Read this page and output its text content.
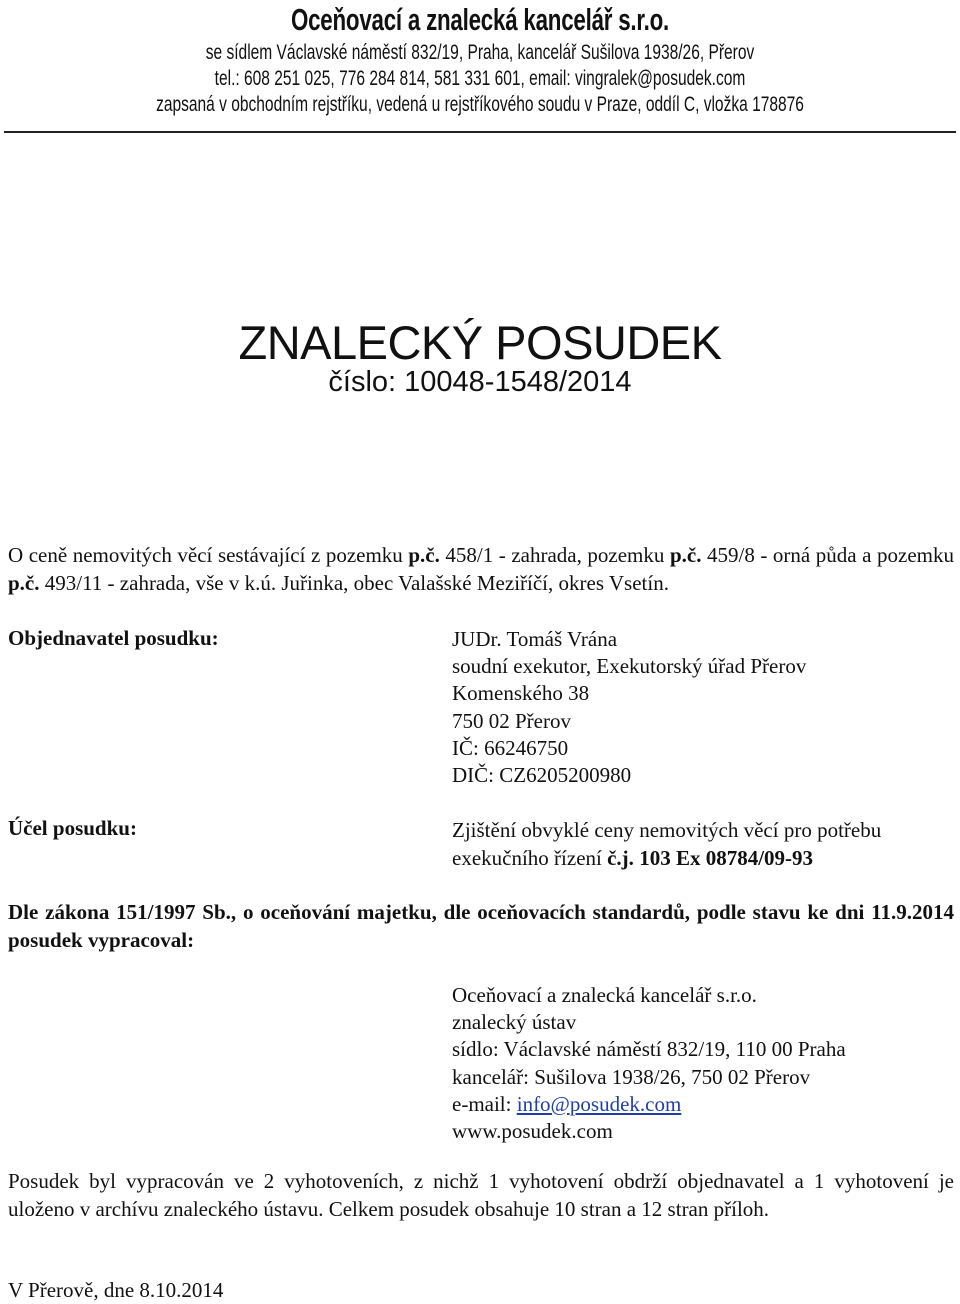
Oceňovací a znalecká kancelář s.r.o.
se sídlem Václavské náměstí 832/19, Praha, kancelář Sušilova 1938/26, Přerov
tel.: 608 251 025, 776 284 814, 581 331 601, email: vingralek@posudek.com
zapsaná v obchodním rejstříku, vedená u rejstříkového soudu v Praze, oddíl C, vložka 178876
ZNALECKÝ POSUDEK
číslo: 10048-1548/2014
O ceně nemovitých věcí sestávající z pozemku p.č. 458/1 - zahrada, pozemku p.č. 459/8 - orná půda a pozemku p.č. 493/11 - zahrada, vše v k.ú. Juřinka, obec Valašské Meziříčí, okres Vsetín.
Objednavatel posudku:	JUDr. Tomáš Vrána
soudní exekutor, Exekutorský úřad Přerov
Komenského 38
750 02 Přerov
IČ: 66246750
DIČ: CZ6205200980
Účel posudku:	Zjištění obvyklé ceny nemovitých věcí pro potřebu
exekučního řízení č.j. 103 Ex 08784/09-93
Dle zákona 151/1997 Sb., o oceňování majetku, dle oceňovacích standardů, podle stavu ke dni 11.9.2014 posudek vypracoval:
Oceňovací a znalecká kancelář s.r.o.
znalecký ústav
sídlo: Václavské náměstí 832/19, 110 00 Praha
kancelář: Sušilova 1938/26, 750 02 Přerov
e-mail: info@posudek.com
www.posudek.com
Posudek byl vypracován ve 2 vyhotoveních, z nichž 1 vyhotovení obdrží objednavatel a 1 vyhotovení je uloženo v archívu znaleckého ústavu. Celkem posudek obsahuje 10 stran a 12 stran příloh.
V Přerově, dne 8.10.2014
